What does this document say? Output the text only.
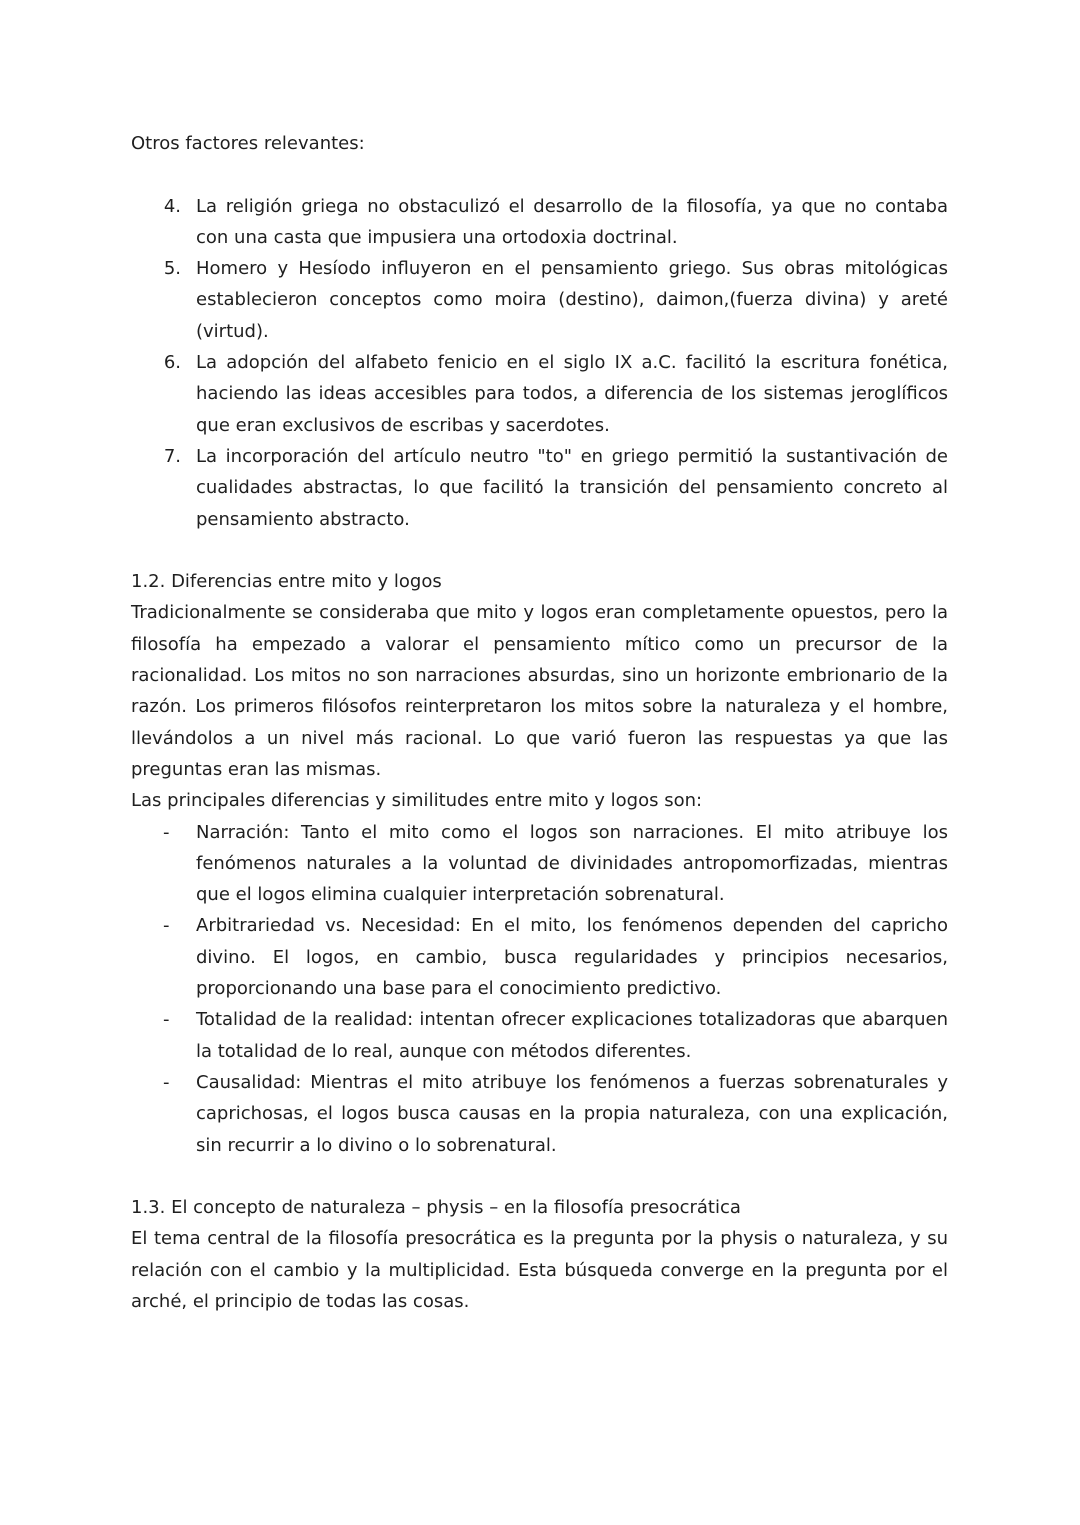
Otros factores relevantes:

4. La religión griega no obstaculizó el desarrollo de la filosofía, ya que no contaba con una casta que impusiera una ortodoxia doctrinal.
5. Homero y Hesíodo influyeron en el pensamiento griego. Sus obras mitológicas establecieron conceptos como moira (destino), daimon,(fuerza divina) y areté (virtud).
6. La adopción del alfabeto fenicio en el siglo IX a.C. facilitó la escritura fonética, haciendo las ideas accesibles para todos, a diferencia de los sistemas jeroglíficos que eran exclusivos de escribas y sacerdotes.
7. La incorporación del artículo neutro "to" en griego permitió la sustantivación de cualidades abstractas, lo que facilitó la transición del pensamiento concreto al pensamiento abstracto.

1.2. Diferencias entre mito y logos

Tradicionalmente se consideraba que mito y logos eran completamente opuestos, pero la filosofía ha empezado a valorar el pensamiento mítico como un precursor de la racionalidad. Los mitos no son narraciones absurdas, sino un horizonte embrionario de la razón. Los primeros filósofos reinterpretaron los mitos sobre la naturaleza y el hombre, llevándolos a un nivel más racional. Lo que varió fueron las respuestas ya que las preguntas eran las mismas.

Las principales diferencias y similitudes entre mito y logos son:

- Narración: Tanto el mito como el logos son narraciones. El mito atribuye los fenómenos naturales a la voluntad de divinidades antropomorfizadas, mientras que el logos elimina cualquier interpretación sobrenatural.
- Arbitrariedad vs. Necesidad: En el mito, los fenómenos dependen del capricho divino. El logos, en cambio, busca regularidades y principios necesarios, proporcionando una base para el conocimiento predictivo.
- Totalidad de la realidad: intentan ofrecer explicaciones totalizadoras que abarquen la totalidad de lo real, aunque con métodos diferentes.
- Causalidad: Mientras el mito atribuye los fenómenos a fuerzas sobrenaturales y caprichosas, el logos busca causas en la propia naturaleza, con una explicación, sin recurrir a lo divino o lo sobrenatural.

1.3. El concepto de naturaleza – physis – en la filosofía presocrática

El tema central de la filosofía presocrática es la pregunta por la physis o naturaleza, y su relación con el cambio y la multiplicidad. Esta búsqueda converge en la pregunta por el arché, el principio de todas las cosas.
